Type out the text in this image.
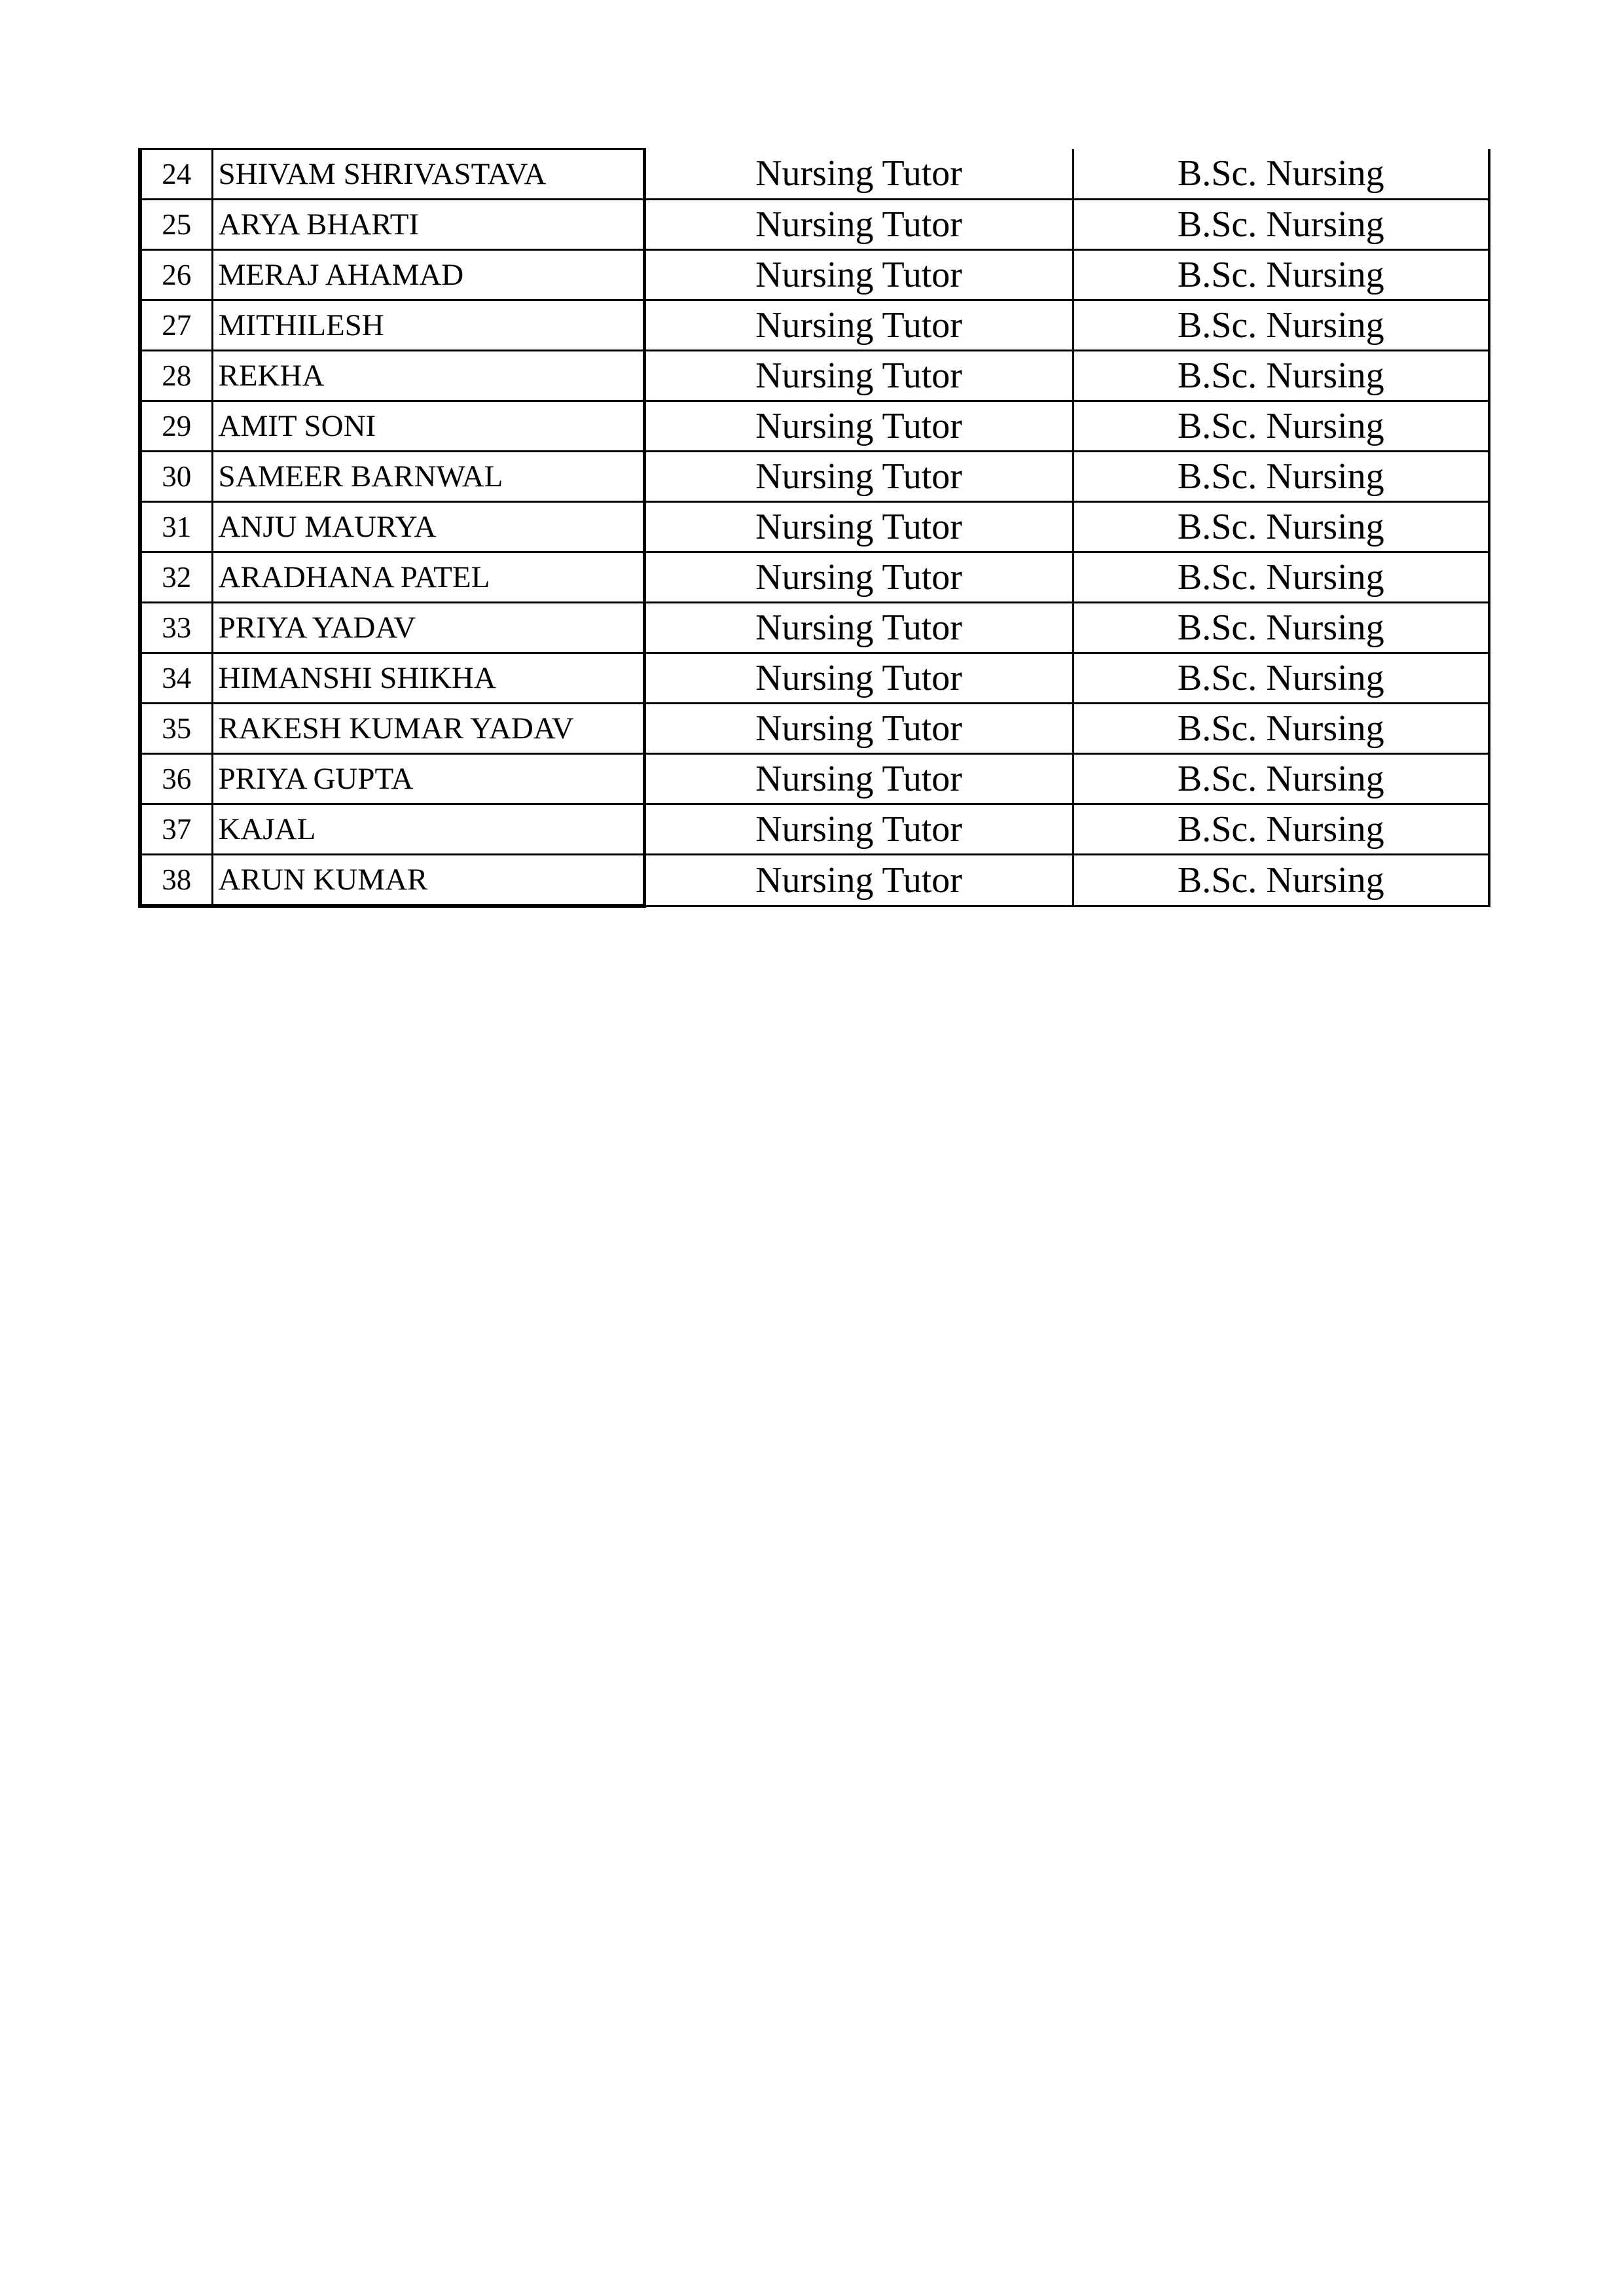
24	SHIVAM SHRIVASTAVA	Nursing Tutor	B.Sc. Nursing
25	ARYA BHARTI	Nursing Tutor	B.Sc. Nursing
26	MERAJ AHAMAD	Nursing Tutor	B.Sc. Nursing
27	MITHILESH	Nursing Tutor	B.Sc. Nursing
28	REKHA	Nursing Tutor	B.Sc. Nursing
29	AMIT SONI	Nursing Tutor	B.Sc. Nursing
30	SAMEER BARNWAL	Nursing Tutor	B.Sc. Nursing
31	ANJU MAURYA	Nursing Tutor	B.Sc. Nursing
32	ARADHANA PATEL	Nursing Tutor	B.Sc. Nursing
33	PRIYA YADAV	Nursing Tutor	B.Sc. Nursing
34	HIMANSHI SHIKHA	Nursing Tutor	B.Sc. Nursing
35	RAKESH KUMAR YADAV	Nursing Tutor	B.Sc. Nursing
36	PRIYA GUPTA	Nursing Tutor	B.Sc. Nursing
37	KAJAL	Nursing Tutor	B.Sc. Nursing
38	ARUN KUMAR	Nursing Tutor	B.Sc. Nursing
